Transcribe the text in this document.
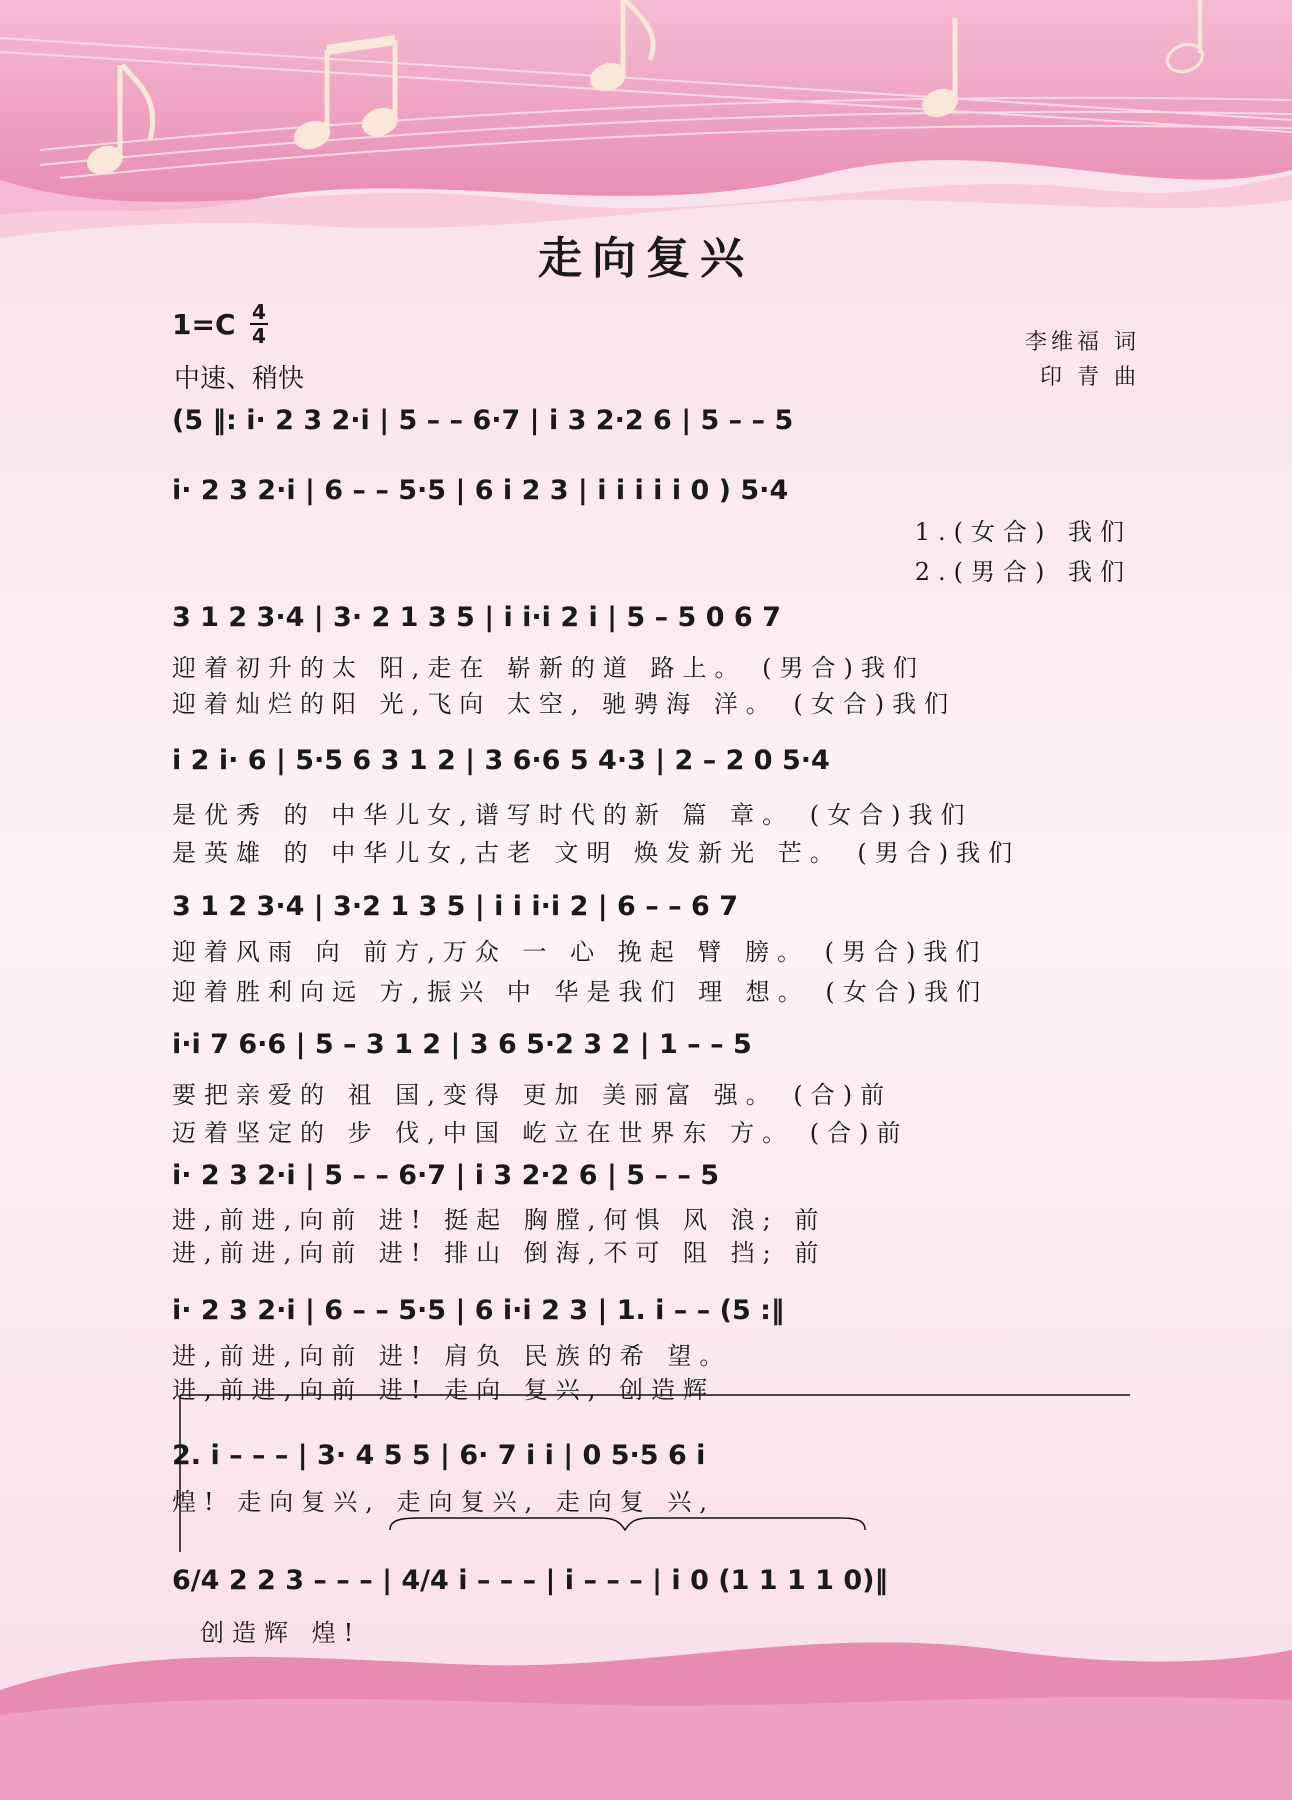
走向复兴
1=C 4
4
中速、稍快
李维福 词
印 青 曲
(5 ‖: i· 2 3 2·i | 5 – – 6·7 | i 3 2·2 6 | 5 – – 5
i· 2 3 2·i | 6 – – 5·5 | 6 i 2 3 | i i i i i 0 ) 5·4
1.(女合) 我们
2.(男合) 我们
3 1 2 3·4 | 3· 2 1 3 5 | i i·i 2 i | 5 – 5 0 6 7
迎着初升的太 阳,走在 崭新的道 路上。 (男合)我们
迎着灿烂的阳 光,飞向 太空, 驰骋海 洋。 (女合)我们
i 2 i· 6 | 5·5 6 3 1 2 | 3 6·6 5 4·3 | 2 – 2 0 5·4
是优秀 的 中华儿女,谱写时代的新 篇 章。 (女合)我们
是英雄 的 中华儿女,古老 文明 焕发新光 芒。 (男合)我们
3 1 2 3·4 | 3·2 1 3 5 | i i i·i 2 | 6 – – 6 7
迎着风雨 向 前方,万众 一 心 挽起 臂 膀。 (男合)我们
迎着胜利向远 方,振兴 中 华是我们 理 想。 (女合)我们
i·i 7 6·6 | 5 – 3 1 2 | 3 6 5·2 3 2 | 1 – – 5
要把亲爱的 祖 国,变得 更加 美丽富 强。 (合)前
迈着坚定的 步 伐,中国 屹立在世界东 方。 (合)前
i· 2 3 2·i | 5 – – 6·7 | i 3 2·2 6 | 5 – – 5
进,前进,向前 进! 挺起 胸膛,何惧 风 浪; 前
进,前进,向前 进! 排山 倒海,不可 阻 挡; 前
i· 2 3 2·i | 6 – – 5·5 | 6 i·i 2 3 | 1. i – – (5 :‖
进,前进,向前 进! 肩负 民族的希 望。
进,前进,向前 进! 走向 复兴, 创造辉
2. i – – – | 3· 4 5 5 | 6· 7 i i | 0 5·5 6 i
煌! 走向复兴, 走向复兴, 走向复 兴,
6/4 2 2 3 – – – | 4/4 i – – – | i – – – | i 0 (1 1 1 1 0)‖
创造辉 煌!
